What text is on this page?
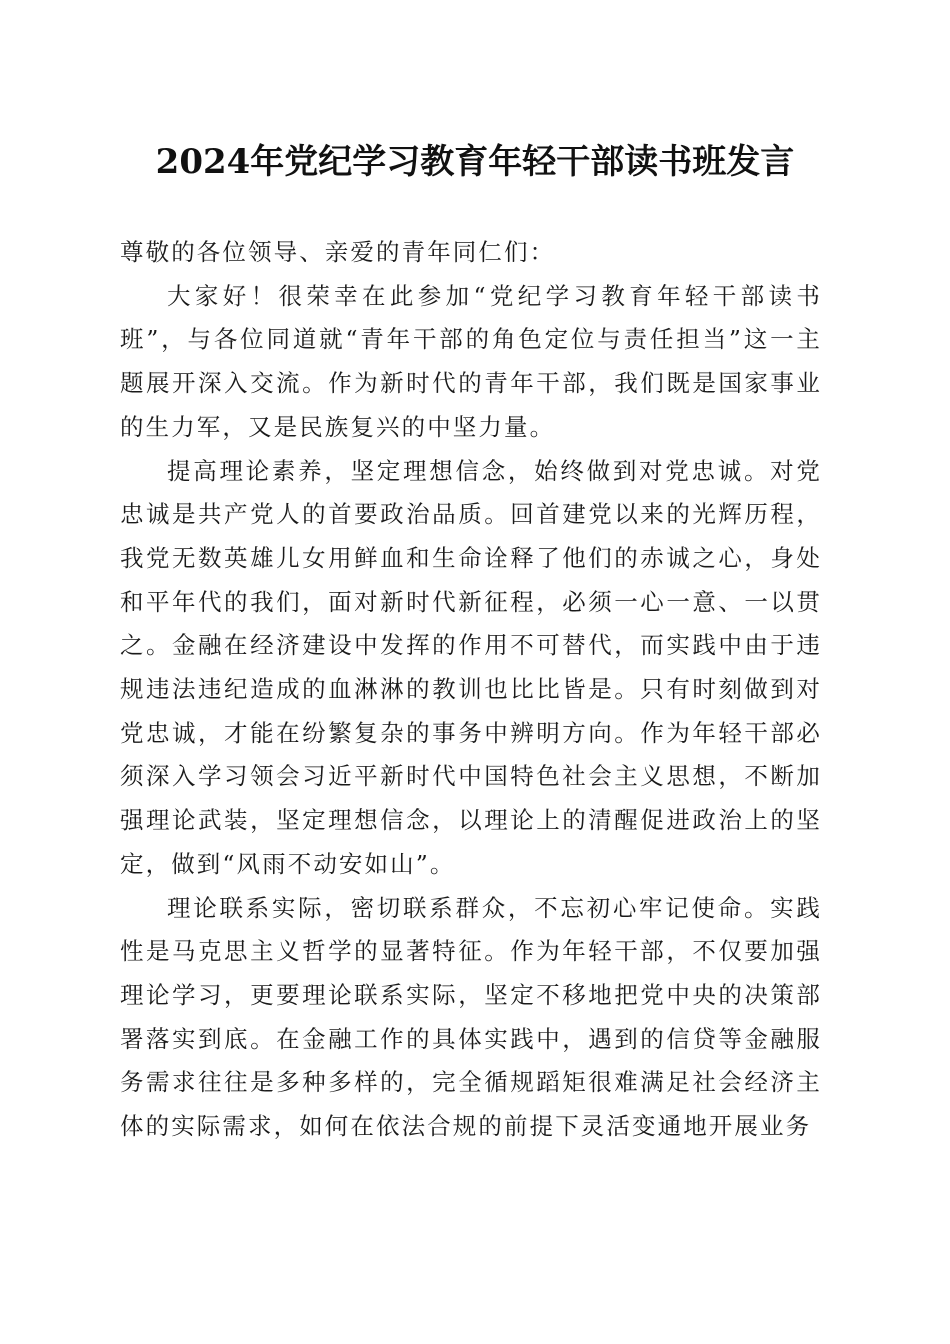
2024年党纪学习教育年轻干部读书班发言

尊敬的各位领导、亲爱的青年同仁们：

大家好！很荣幸在此参加“党纪学习教育年轻干部读书班”，与各位同道就“青年干部的角色定位与责任担当”这一主题展开深入交流。作为新时代的青年干部，我们既是国家事业的生力军，又是民族复兴的中坚力量。

提高理论素养，坚定理想信念，始终做到对党忠诚。对党忠诚是共产党人的首要政治品质。回首建党以来的光辉历程，我党无数英雄儿女用鲜血和生命诠释了他们的赤诚之心，身处和平年代的我们，面对新时代新征程，必须一心一意、一以贯之。金融在经济建设中发挥的作用不可替代，而实践中由于违规违法违纪造成的血淋淋的教训也比比皆是。只有时刻做到对党忠诚，才能在纷繁复杂的事务中辨明方向。作为年轻干部必须深入学习领会习近平新时代中国特色社会主义思想，不断加强理论武装，坚定理想信念，以理论上的清醒促进政治上的坚定，做到“风雨不动安如山”。

理论联系实际，密切联系群众，不忘初心牢记使命。实践性是马克思主义哲学的显著特征。作为年轻干部，不仅要加强理论学习，更要理论联系实际，坚定不移地把党中央的决策部署落实到底。在金融工作的具体实践中，遇到的信贷等金融服务需求往往是多种多样的，完全循规蹈矩很难满足社会经济主体的实际需求，如何在依法合规的前提下灵活变通地开展业务
